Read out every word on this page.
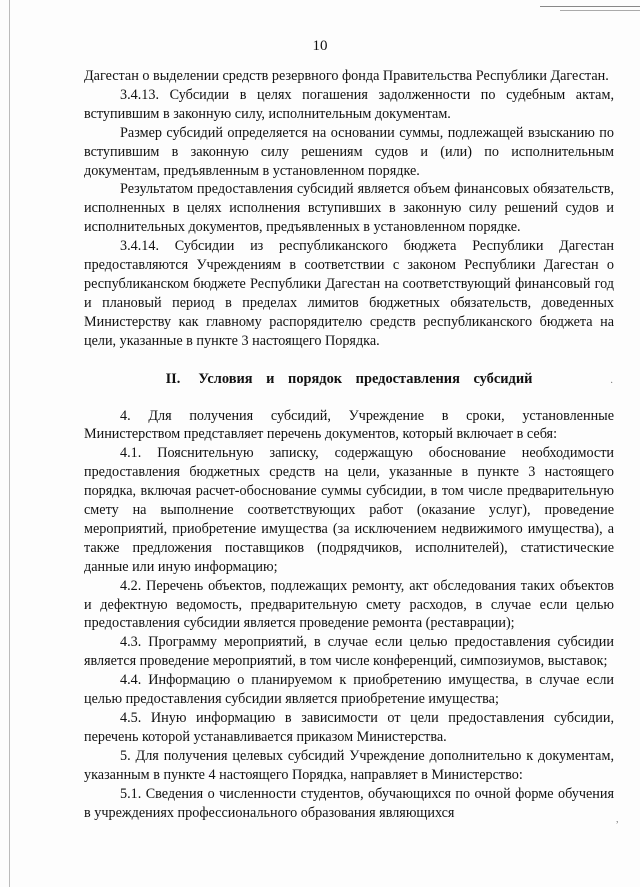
10

Дагестан о выделении средств резервного фонда Правительства Республики Дагестан.

3.4.13. Субсидии в целях погашения задолженности по судебным актам, вступившим в законную силу, исполнительным документам.

Размер субсидий определяется на основании суммы, подлежащей взысканию по вступившим в законную силу решениям судов и (или) по исполнительным документам, предъявленным в установленном порядке.

Результатом предоставления субсидий является объем финансовых обязательств, исполненных в целях исполнения вступивших в законную силу решений судов и исполнительных документов, предъявленных в установленном порядке.

3.4.14. Субсидии из республиканского бюджета Республики Дагестан предоставляются Учреждениям в соответствии с законом Республики Дагестан о республиканском бюджете Республики Дагестан на соответствующий финансовый год и плановый период в пределах лимитов бюджетных обязательств, доведенных Министерству как главному распорядителю средств республиканского бюджета на цели, указанные в пункте 3 настоящего Порядка.

II. Условия и порядок предоставления субсидий

4. Для получения субсидий, Учреждение в сроки, установленные Министерством представляет перечень документов, который включает в себя:

4.1. Пояснительную записку, содержащую обоснование необходимости предоставления бюджетных средств на цели, указанные в пункте 3 настоящего порядка, включая расчет-обоснование суммы субсидии, в том числе предварительную смету на выполнение соответствующих работ (оказание услуг), проведение мероприятий, приобретение имущества (за исключением недвижимого имущества), а также предложения поставщиков (подрядчиков, исполнителей), статистические данные или иную информацию;

4.2. Перечень объектов, подлежащих ремонту, акт обследования таких объектов и дефектную ведомость, предварительную смету расходов, в случае если целью предоставления субсидии является проведение ремонта (реставрации);

4.3. Программу мероприятий, в случае если целью предоставления субсидии является проведение мероприятий, в том числе конференций, симпозиумов, выставок;

4.4. Информацию о планируемом к приобретению имущества, в случае если целью предоставления субсидии является приобретение имущества;

4.5. Иную информацию в зависимости от цели предоставления субсидии, перечень которой устанавливается приказом Министерства.

5. Для получения целевых субсидий Учреждение дополнительно к документам, указанным в пункте 4 настоящего Порядка, направляет в Министерство:

5.1. Сведения о численности студентов, обучающихся по очной форме обучения в учреждениях профессионального образования являющихся

·
,
